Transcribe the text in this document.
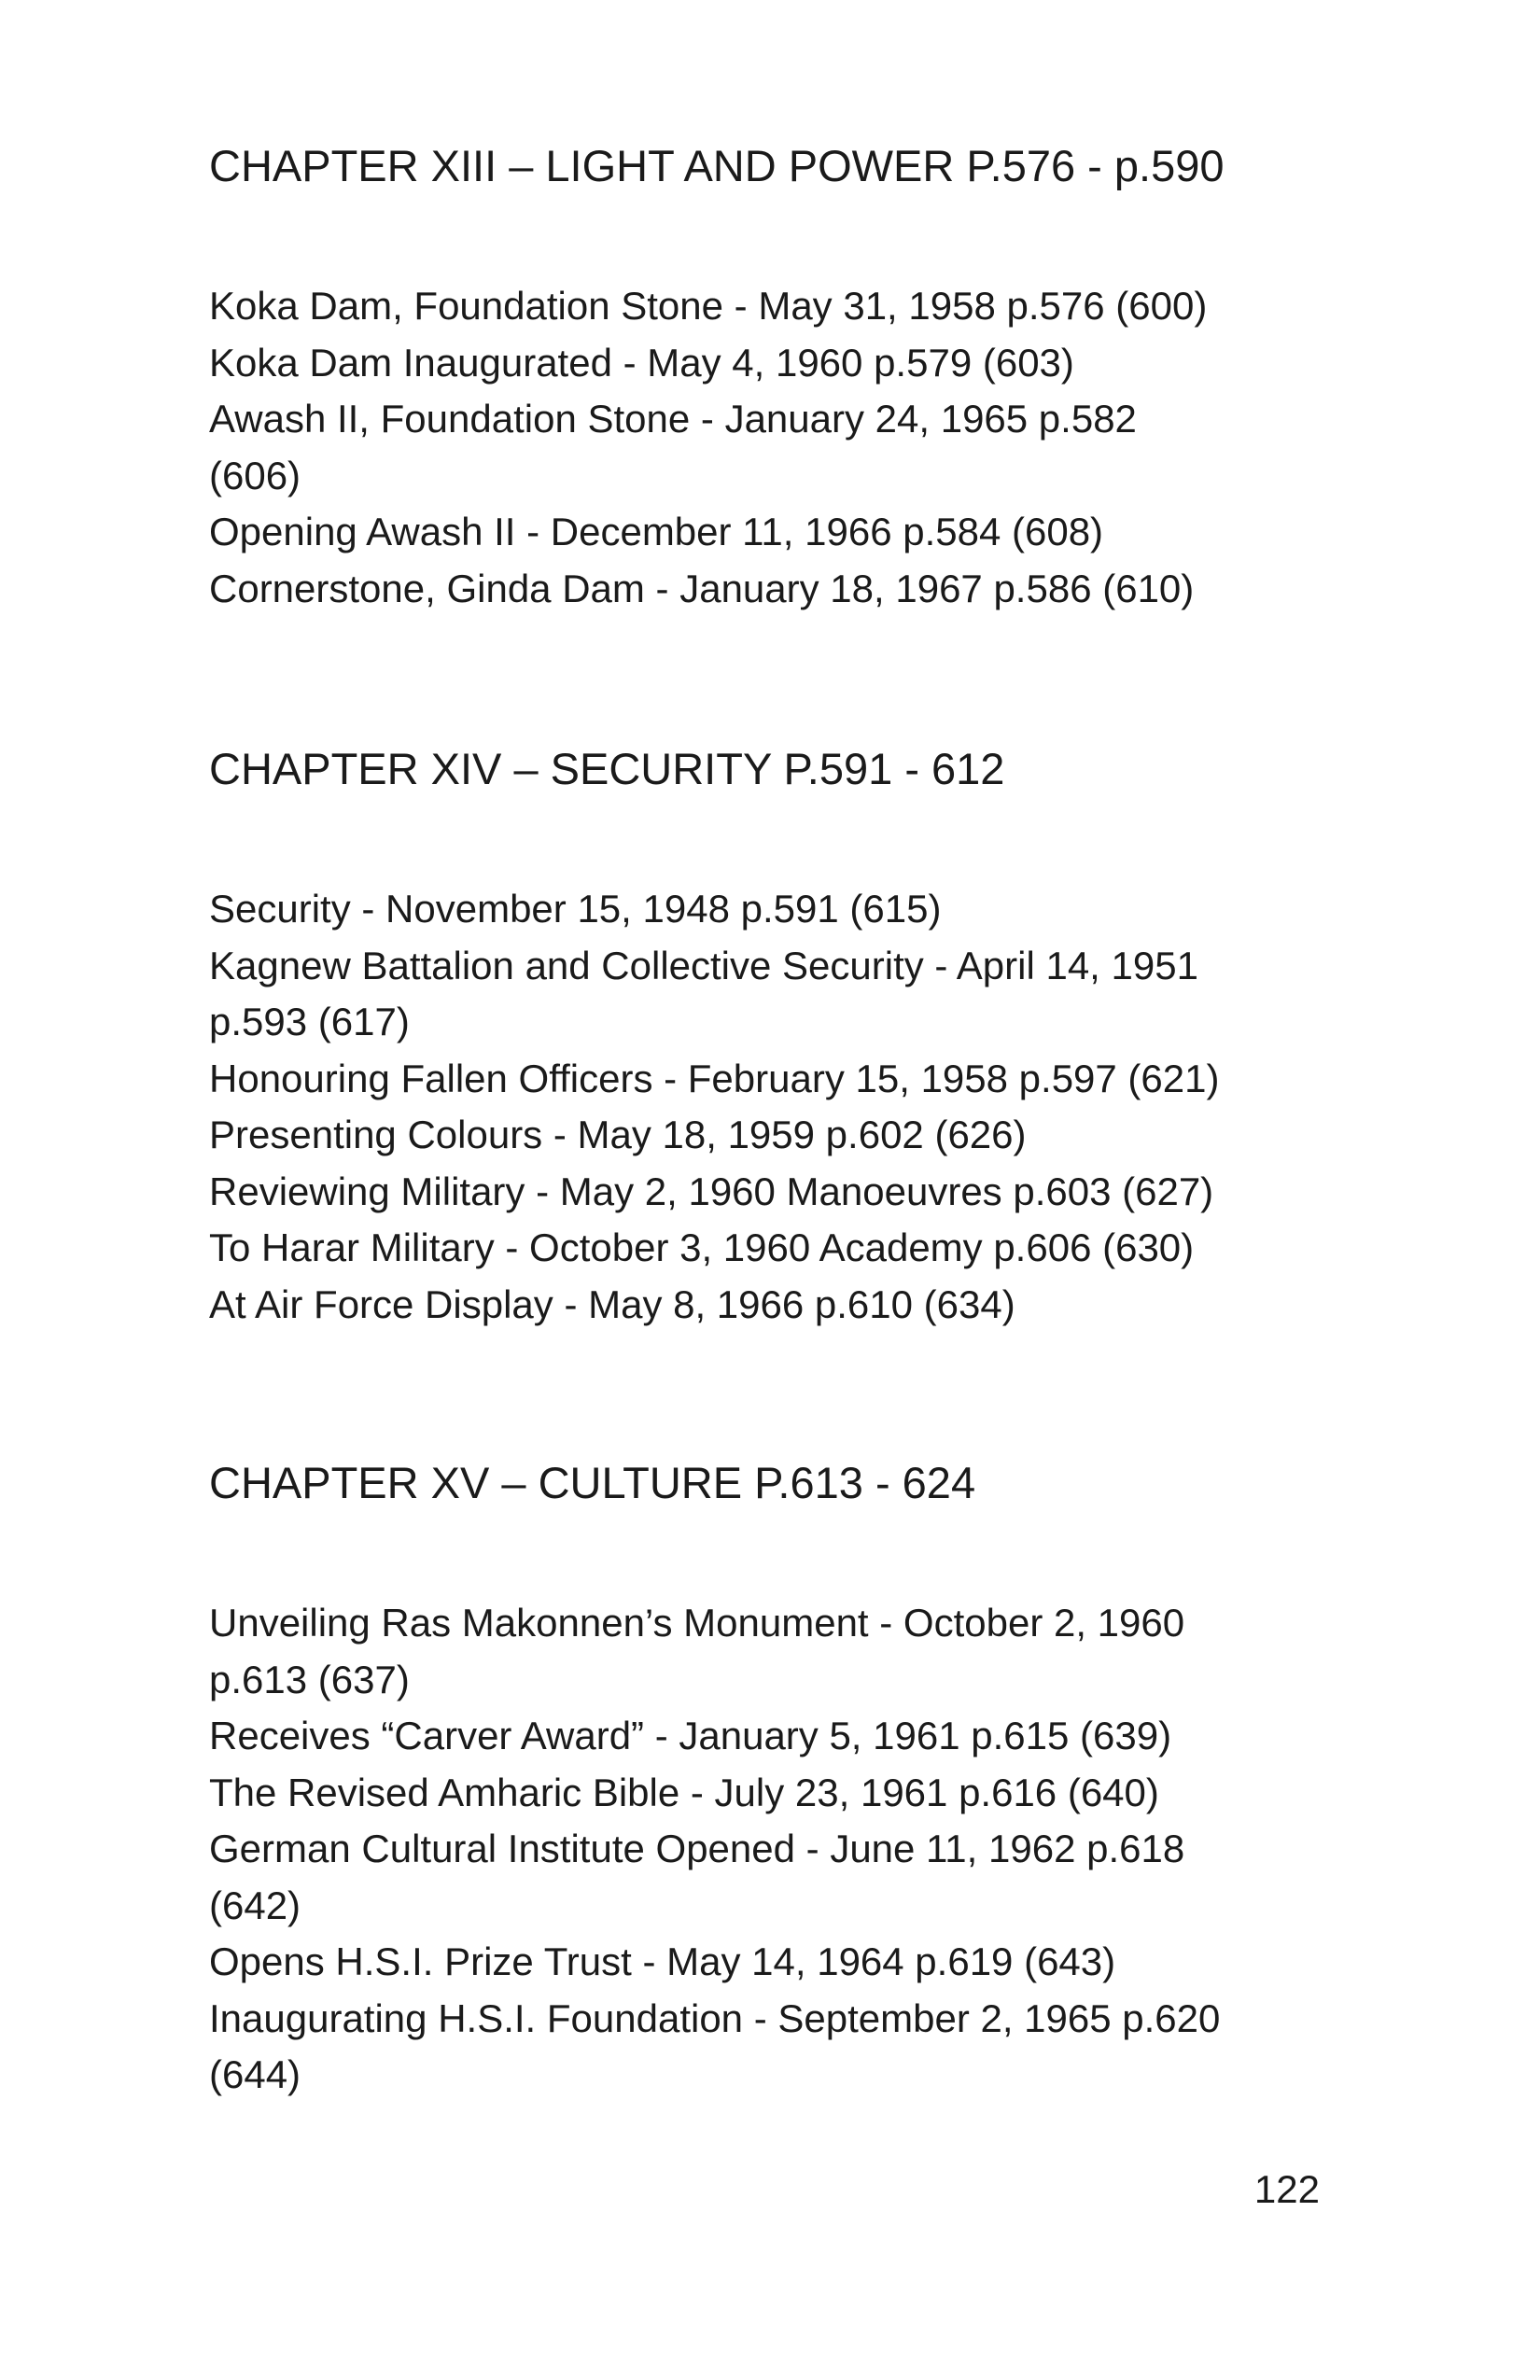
CHAPTER XIII – LIGHT AND POWER P.576 - p.590
Koka Dam, Foundation Stone - May 31, 1958 p.576 (600)
Koka Dam Inaugurated - May 4, 1960 p.579 (603)
Awash II, Foundation Stone - January 24, 1965 p.582
(606)
Opening Awash II - December 11, 1966 p.584 (608)
Cornerstone, Ginda Dam - January 18, 1967 p.586 (610)
CHAPTER XIV – SECURITY P.591 - 612
Security - November 15, 1948 p.591 (615)
Kagnew Battalion and Collective Security - April 14, 1951
p.593 (617)
Honouring Fallen Officers - February 15, 1958 p.597 (621)
Presenting Colours - May 18, 1959 p.602 (626)
Reviewing Military - May 2, 1960 Manoeuvres p.603 (627)
To Harar Military - October 3, 1960 Academy p.606 (630)
At Air Force Display - May 8, 1966 p.610 (634)
CHAPTER XV – CULTURE P.613 - 624
Unveiling Ras Makonnen’s Monument - October 2, 1960
p.613 (637)
Receives “Carver Award” - January 5, 1961 p.615 (639)
The Revised Amharic Bible - July 23, 1961 p.616 (640)
German Cultural Institute Opened - June 11, 1962 p.618
(642)
Opens H.S.I. Prize Trust - May 14, 1964 p.619 (643)
Inaugurating H.S.I. Foundation - September 2, 1965 p.620
(644)
122
